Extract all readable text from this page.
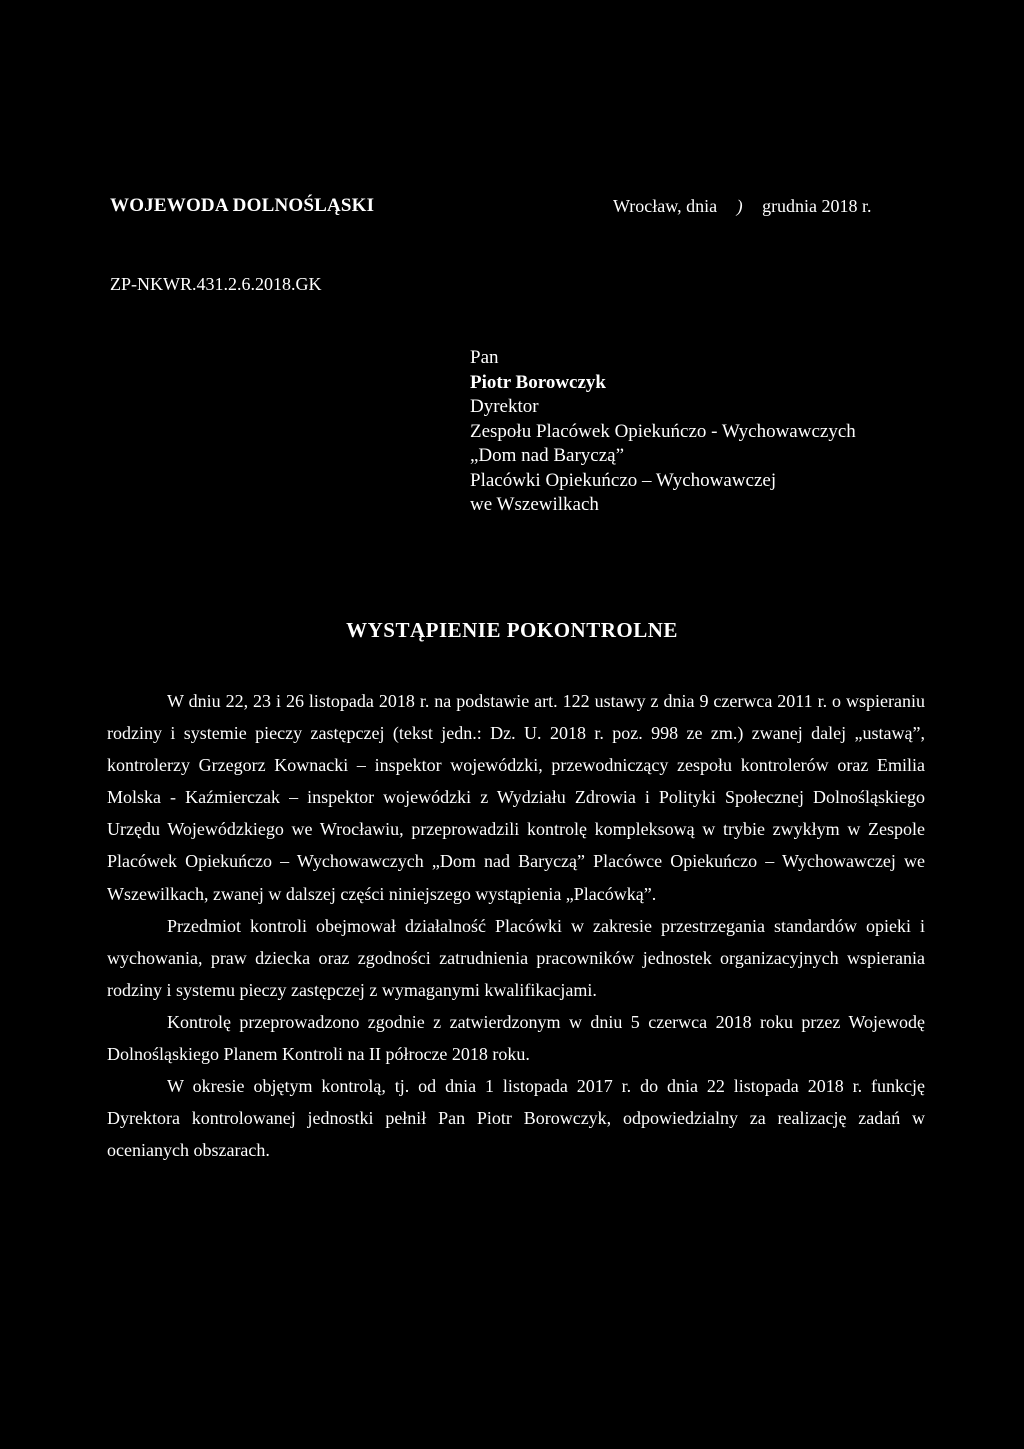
WOJEWODA DOLNOŚLĄSKI	Wrocław, dnia ) grudnia 2018 r.
ZP-NKWR.431.2.6.2018.GK
Pan
Piotr Borowczyk
Dyrektor
Zespołu Placówek Opiekuńczo - Wychowawczych
„Dom nad Baryczą”
Placówki Opiekuńczo – Wychowawczej
we Wszewilkach
WYSTĄPIENIE POKONTROLNE

W dniu 22, 23 i 26 listopada 2018 r. na podstawie art. 122 ustawy z dnia 9 czerwca 2011 r. o wspieraniu rodziny i systemie pieczy zastępczej (tekst jedn.: Dz. U. 2018 r. poz. 998 ze zm.) zwanej dalej „ustawą”, kontrolerzy Grzegorz Kownacki – inspektor wojewódzki, przewodniczący zespołu kontrolerów oraz Emilia Molska - Kaźmierczak – inspektor wojewódzki z Wydziału Zdrowia i Polityki Społecznej Dolnośląskiego Urzędu Wojewódzkiego we Wrocławiu, przeprowadzili kontrolę kompleksową w trybie zwykłym w Zespole Placówek Opiekuńczo – Wychowawczych „Dom nad Baryczą” Placówce Opiekuńczo – Wychowawczej we Wszewilkach, zwanej w dalszej części niniejszego wystąpienia „Placówką”.

Przedmiot kontroli obejmował działalność Placówki w zakresie przestrzegania standardów opieki i wychowania, praw dziecka oraz zgodności zatrudnienia pracowników jednostek organizacyjnych wspierania rodziny i systemu pieczy zastępczej z wymaganymi kwalifikacjami.

Kontrolę przeprowadzono zgodnie z zatwierdzonym w dniu 5 czerwca 2018 roku przez Wojewodę Dolnośląskiego Planem Kontroli na II półrocze 2018 roku.

W okresie objętym kontrolą, tj. od dnia 1 listopada 2017 r. do dnia 22 listopada 2018 r. funkcję Dyrektora kontrolowanej jednostki pełnił Pan Piotr Borowczyk, odpowiedzialny za realizację zadań w ocenianych obszarach.
